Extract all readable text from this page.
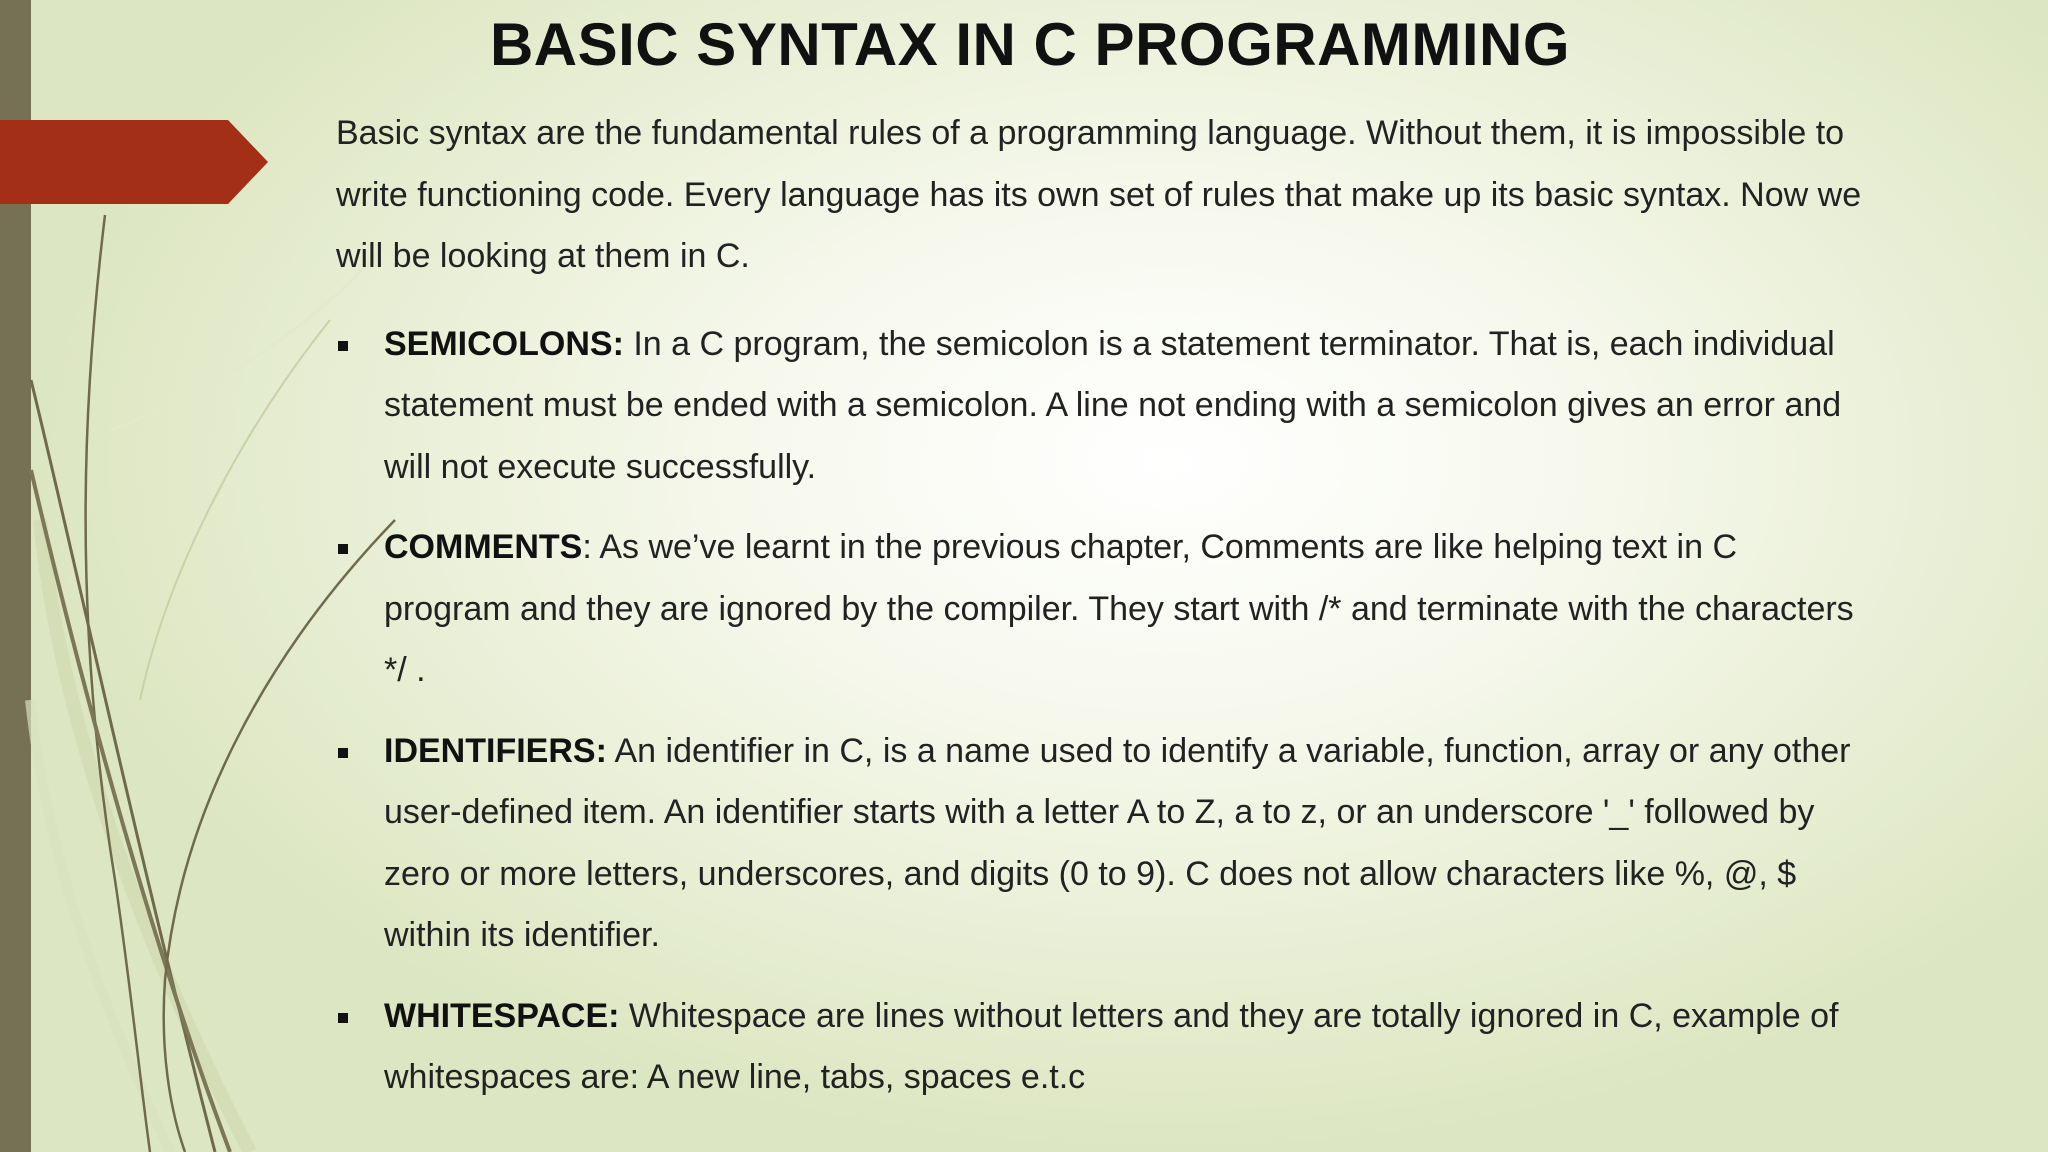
BASIC SYNTAX IN C PROGRAMMING

Basic syntax are the fundamental rules of a programming language. Without them, it is impossible to write functioning code. Every language has its own set of rules that make up its basic syntax. Now we will be looking at them in C.

SEMICOLONS: In a C program, the semicolon is a statement terminator. That is, each individual statement must be ended with a semicolon. A line not ending with a semicolon gives an error and will not execute successfully.
COMMENTS: As we’ve learnt in the previous chapter, Comments are like helping text in C program and they are ignored by the compiler. They start with /* and terminate with the characters */ .
IDENTIFIERS: An identifier in C, is a name used to identify a variable, function, array or any other user-defined item. An identifier starts with a letter A to Z, a to z, or an underscore '_' followed by zero or more letters, underscores, and digits (0 to 9). C does not allow characters like %, @, $ within its identifier.
WHITESPACE: Whitespace are lines without letters and they are totally ignored in C, example of whitespaces are: A new line, tabs, spaces e.t.c
